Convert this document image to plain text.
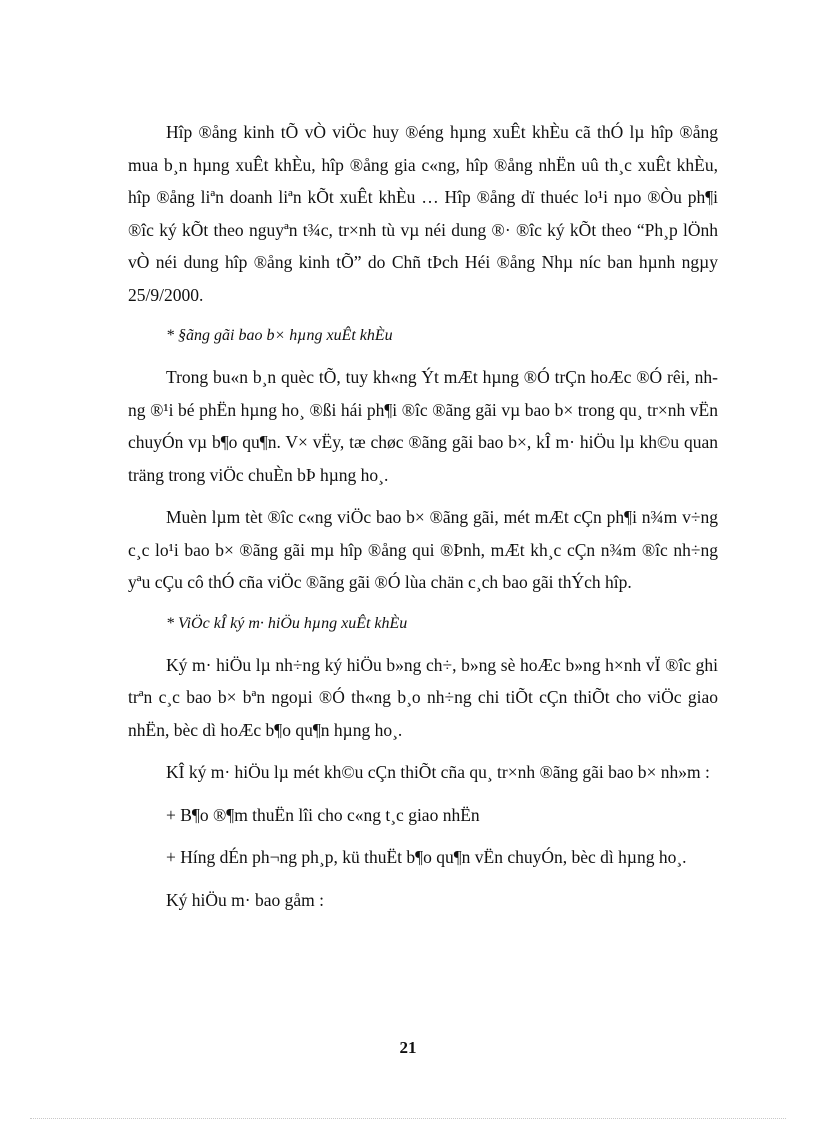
Hîp ®ång kinh tÕ vÒ viÖc huy ®éng hµng xuÊt khÈu cã thÓ lµ hîp ®ång mua b¸n hµng xuÊt khÈu, hîp ®ång gia c«ng, hîp ®ång nhËn uû th¸c xuÊt khÈu, hîp ®ång liªn doanh liªn kÕt xuÊt khÈu … Hîp ®ång dï thuéc lo¹i nµo ®Òu ph¶i ®îc ký kÕt theo nguyªn t¾c, tr×nh tù vµ néi dung ®· ®îc ký kÕt theo “Ph¸p lÖnh vÒ néi dung hîp ®ång kinh tÕ” do Chñ tÞch Héi ®ång Nhµ níc ban hµnh ngµy 25/9/2000.

* §ãng gãi bao b× hµng xuÊt khÈu

Trong bu«n b¸n quèc tÕ, tuy kh«ng Ýt mÆt hµng ®Ó trÇn hoÆc ®Ó rêi, nhng ®¹i bé phËn hµng ho¸ ®ßi hái ph¶i ®îc ®ãng gãi vµ bao b× trong qu¸ tr×nh vËn chuyÓn vµ b¶o qu¶n. V× vËy, tæ chøc ®ãng gãi bao b×, kÎ m· hiÖu lµ kh©u quan träng trong viÖc chuÈn bÞ hµng ho¸.

Muèn lµm tèt ®îc c«ng viÖc bao b× ®ãng gãi, mét mÆt cÇn ph¶i n¾m v÷ng c¸c lo¹i bao b× ®ãng gãi mµ hîp ®ång qui ®Þnh, mÆt kh¸c cÇn n¾m ®îc nh÷ng yªu cÇu cô thÓ cña viÖc ®ãng gãi ®Ó lùa chän c¸ch bao gãi thÝch hîp.

* ViÖc kÎ ký m· hiÖu hµng xuÊt khÈu

Ký m· hiÖu lµ nh÷ng ký hiÖu b»ng ch÷, b»ng sè hoÆc b»ng h×nh vÏ ®îc ghi trªn c¸c bao b× bªn ngoµi ®Ó th«ng b¸o nh÷ng chi tiÕt cÇn thiÕt cho viÖc giao nhËn, bèc dì hoÆc b¶o qu¶n hµng ho¸.

KÎ ký m· hiÖu lµ mét kh©u cÇn thiÕt cña qu¸ tr×nh ®ãng gãi bao b× nh»m :

+ B¶o ®¶m thuËn lîi cho c«ng t¸c giao nhËn

+ Híng dÉn ph¬ng ph¸p, kü thuËt b¶o qu¶n vËn chuyÓn, bèc dì hµng ho¸.

Ký hiÖu m· bao gåm :

21
